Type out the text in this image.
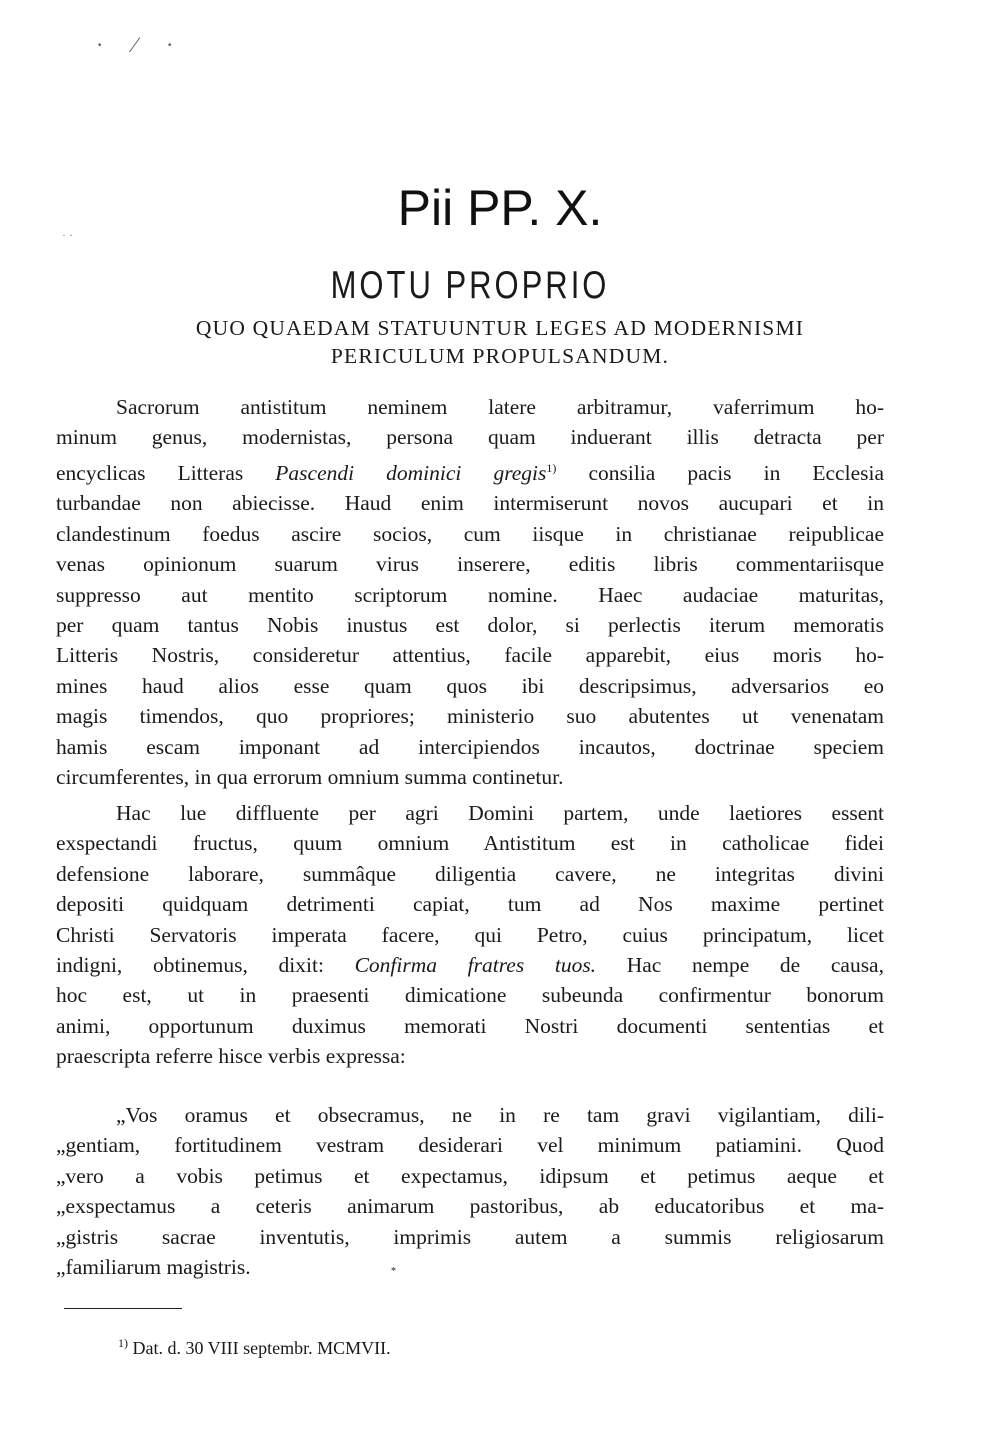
· ⁄ ·
· ·	Pii PP. X.
MOTU PROPRIO
QUO QUAEDAM STATUUNTUR LEGES AD MODERNISMI
PERICULUM PROPULSANDUM.
Sacrorum antistitum neminem latere arbitramur, vaferrimum ho-
minum genus, modernistas, persona quam induerant illis detracta per
encyclicas Litteras Pascendi dominici gregis$^{1)}$ consilia pacis in Ecclesia
turbandae non abiecisse. Haud enim intermiserunt novos aucupari et in
clandestinum foedus ascire socios, cum iisque in christianae reipublicae
venas opinionum suarum virus inserere, editis libris commentariisque
suppresso aut mentito scriptorum nomine. Haec audaciae maturitas,
per quam tantus Nobis inustus est dolor, si perlectis iterum memoratis
Litteris Nostris, consideretur attentius, facile apparebit, eius moris ho-
mines haud alios esse quam quos ibi descripsimus, adversarios eo
magis timendos, quo propriores; ministerio suo abutentes ut venenatam
hamis escam imponant ad intercipiendos incautos, doctrinae speciem
circumferentes, in qua errorum omnium summa continetur.
Hac lue diffluente per agri Domini partem, unde laetiores essent
exspectandi fructus, quum omnium Antistitum est in catholicae fidei
defensione laborare, summâque diligentia cavere, ne integritas divini
depositi quidquam detrimenti capiat, tum ad Nos maxime pertinet
Christi Servatoris imperata facere, qui Petro, cuius principatum, licet
indigni, obtinemus, dixit: Confirma fratres tuos. Hac nempe de causa,
hoc est, ut in praesenti dimicatione subeunda confirmentur bonorum
animi, opportunum duximus memorati Nostri documenti sententias et
praescripta referre hisce verbis expressa:
„Vos oramus et obsecramus, ne in re tam gravi vigilantiam, dili-
„gentiam, fortitudinem vestram desiderari vel minimum patiamini. Quod
„vero a vobis petimus et expectamus, idipsum et petimus aeque et
„exspectamus a ceteris animarum pastoribus, ab educatoribus et ma-
„gistris sacrae inventutis, imprimis autem a summis religiosarum
„familiarum magistris.	*
$^{1)}$ Dat. d. 30 VIII septembr. MCMVII.
